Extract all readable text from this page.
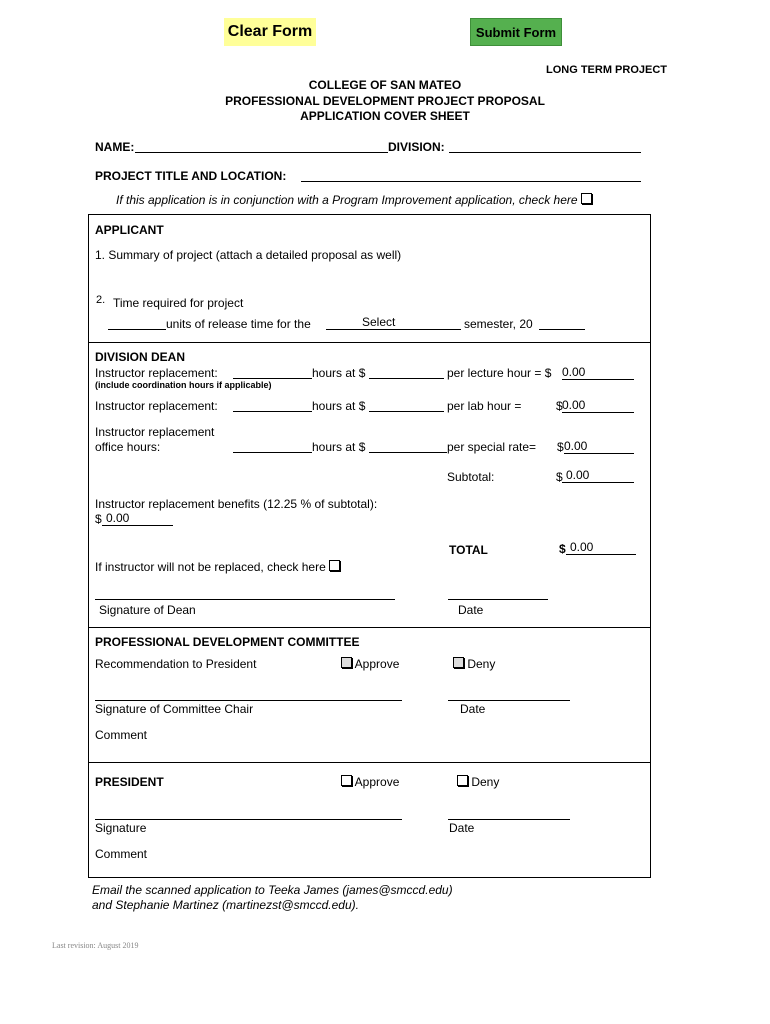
Clear Form	Submit Form
LONG TERM PROJECT
COLLEGE OF SAN MATEO
PROFESSIONAL DEVELOPMENT PROJECT PROPOSAL
APPLICATION COVER SHEET
NAME:	DIVISION:
PROJECT TITLE AND LOCATION:
If this application is in conjunction with a Program Improvement application, check here
APPLICANT
1. Summary of project (attach a detailed proposal as well)
2. Time required for project
units of release time for the	Select	semester, 20
DIVISION DEAN
Instructor replacement:	hours at $	per lecture hour = $ 0.00
(include coordination hours if applicable)
Instructor replacement:	hours at $	per lab hour =	$ 0.00
Instructor replacement
office hours:	hours at $	per special rate= $ 0.00
Subtotal:	$ 0.00
Instructor replacement benefits (12.25 % of subtotal):
$ 0.00
TOTAL	$ 0.00
If instructor will not be replaced, check here
Signature of Dean	Date
PROFESSIONAL DEVELOPMENT COMMITTEE
Recommendation to President	Approve	Deny
Signature of Committee Chair	Date
Comment
PRESIDENT	Approve	Deny
Signature	Date
Comment
Email the scanned application to Teeka James (james@smccd.edu)
and Stephanie Martinez (martinezst@smccd.edu).
Last revision: August 2019
